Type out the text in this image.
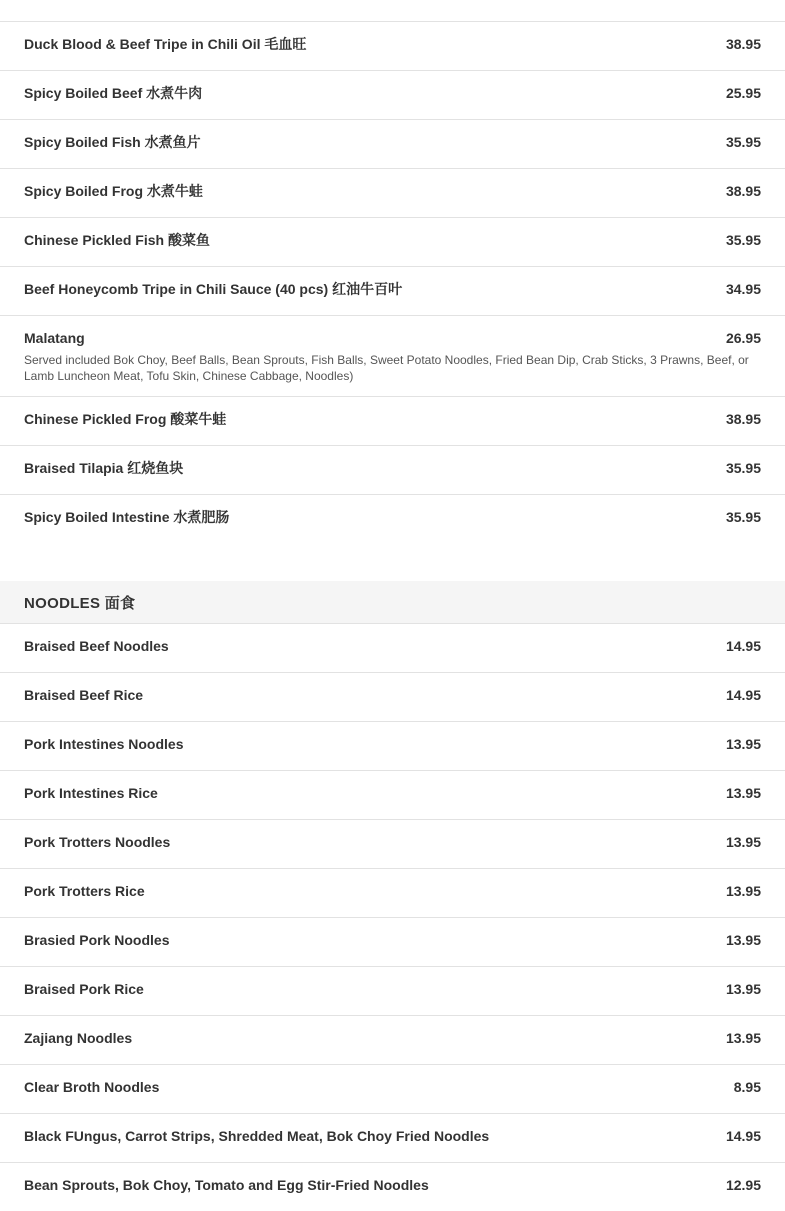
Duck Blood & Beef Tripe in Chili Oil 毛血旺	38.95
Spicy Boiled Beef 水煮牛肉	25.95
Spicy Boiled Fish 水煮鱼片	35.95
Spicy Boiled Frog 水煮牛蛙	38.95
Chinese Pickled Fish 酸菜鱼	35.95
Beef Honeycomb Tripe in Chili Sauce (40 pcs) 红油牛百叶	34.95
Malatang	26.95
Served included Bok Choy, Beef Balls, Bean Sprouts, Fish Balls, Sweet Potato Noodles, Fried Bean Dip, Crab Sticks, 3 Prawns, Beef, or Lamb Luncheon Meat, Tofu Skin, Chinese Cabbage, Noodles)
Chinese Pickled Frog 酸菜牛蛙	38.95
Braised Tilapia 红烧鱼块	35.95
Spicy Boiled Intestine 水煮肥肠	35.95
NOODLES 面食
Braised Beef Noodles	14.95
Braised Beef Rice	14.95
Pork Intestines Noodles	13.95
Pork Intestines Rice	13.95
Pork Trotters Noodles	13.95
Pork Trotters Rice	13.95
Brasied Pork Noodles	13.95
Braised Pork Rice	13.95
Zajiang Noodles	13.95
Clear Broth Noodles	8.95
Black FUngus, Carrot Strips, Shredded Meat, Bok Choy Fried Noodles	14.95
Bean Sprouts, Bok Choy, Tomato and Egg Stir-Fried Noodles	12.95
